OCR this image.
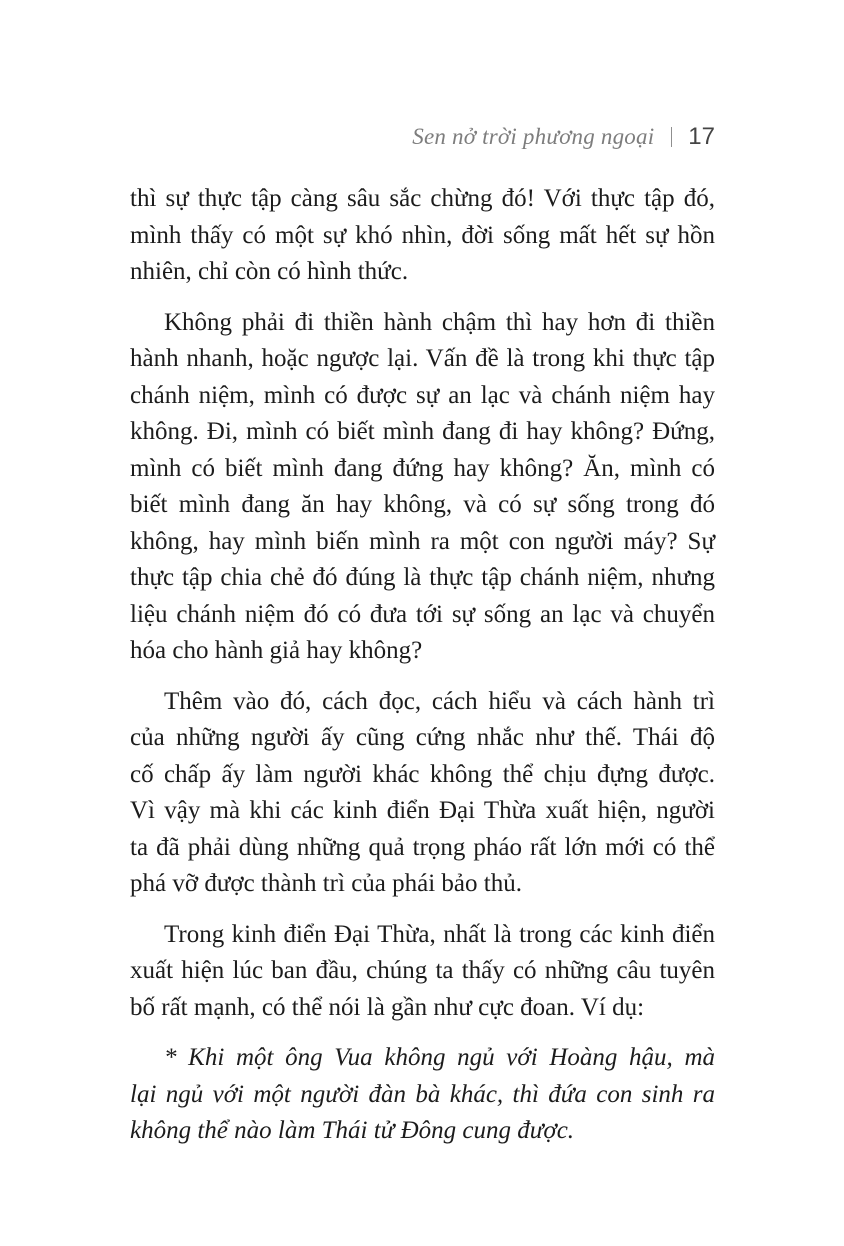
Sen nở trời phương ngoại 17

thì sự thực tập càng sâu sắc chừng đó! Với thực tập đó,
mình thấy có một sự khó nhìn, đời sống mất hết sự hồn
nhiên, chỉ còn có hình thức.

Không phải đi thiền hành chậm thì hay hơn đi thiền
hành nhanh, hoặc ngược lại. Vấn đề là trong khi thực tập
chánh niệm, mình có được sự an lạc và chánh niệm hay
không. Đi, mình có biết mình đang đi hay không? Đứng,
mình có biết mình đang đứng hay không? Ăn, mình có
biết mình đang ăn hay không, và có sự sống trong đó
không, hay mình biến mình ra một con người máy? Sự
thực tập chia chẻ đó đúng là thực tập chánh niệm, nhưng
liệu chánh niệm đó có đưa tới sự sống an lạc và chuyển
hóa cho hành giả hay không?

Thêm vào đó, cách đọc, cách hiểu và cách hành trì
của những người ấy cũng cứng nhắc như thế. Thái độ
cố chấp ấy làm người khác không thể chịu đựng được.
Vì vậy mà khi các kinh điển Đại Thừa xuất hiện, người
ta đã phải dùng những quả trọng pháo rất lớn mới có thể
phá vỡ được thành trì của phái bảo thủ.

Trong kinh điển Đại Thừa, nhất là trong các kinh điển
xuất hiện lúc ban đầu, chúng ta thấy có những câu tuyên
bố rất mạnh, có thể nói là gần như cực đoan. Ví dụ:

* Khi một ông Vua không ngủ với Hoàng hậu, mà
lại ngủ với một người đàn bà khác, thì đứa con sinh ra
không thể nào làm Thái tử Đông cung được.
